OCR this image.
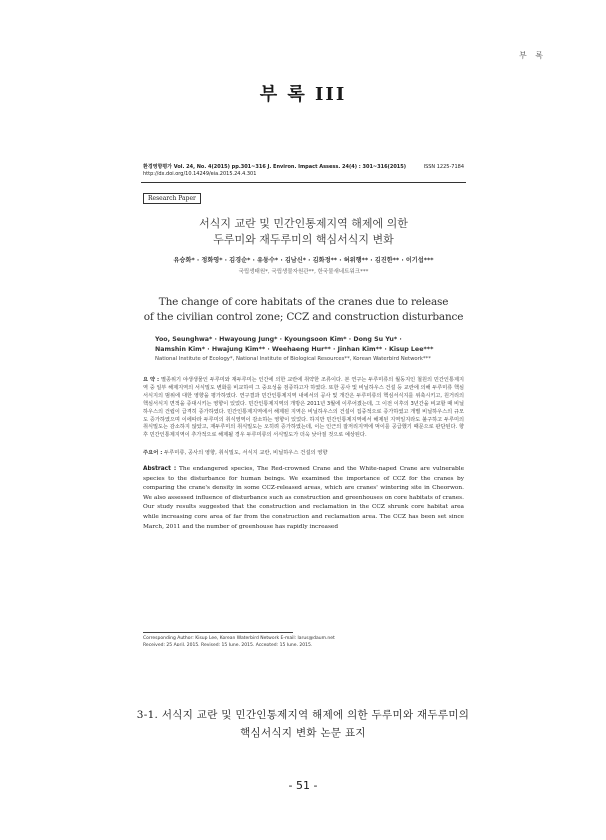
부 록
부 록 III
환경영향평가 Vol. 24, No. 4(2015) pp.301~316 J. Environ. Impact Assess. 24(4) : 301~316(2015)
http://dx.doi.org/10.14249/eia.2015.24.4.301
ISSN 1225-7184
Research Paper
서식지 교란 및 민간인통제지역 해제에 의한
두루미와 재두루미의 핵심서식지 변화
유승화* · 정화영* · 김경순* · 유동수* · 김남신* · 김화정** · 허위행** · 김진한** · 이기섭***
국립생태원*, 국립생물자원관**, 한국물새네트워크***
The change of core habitats of the cranes due to release
of the civilian control zone; CCZ and construction disturbance
Yoo, Seunghwa* · Hwayoung Jung* · Kyoungsoon Kim* · Dong Su Yu* ·
Namshin Kim* · Hwajung Kim** · Weehaeng Hur** · Jinhan Kim** · Kisup Lee***
National Institute of Ecology*, National Institute of Biological Resources**, Korean Waterbird Network***
요 약 : 멸종위기 야생생물인 두루미와 재두루미는 인간에 의한 교란에 취약한 조류이다. 본 연구는 두루미류의 월동지인 철원의 민간인통제지역 중 일부 해제지역의 서식밀도 변화를 비교하여 그 중요성을 검증하고자 하였다. 또한 공사 및 비닐하우스 건설 등 교란에 의해 두루미류 핵심서식지의 범위에 대한 영향을 평가하였다. 연구결과 민간인통제지역 내에서의 공사 및 개간은 두루미류의 핵심서식지를 위축시키고, 원거리의 핵심서식지 면적을 증대시키는 영향이 있었다. 민간인통제지역의 개방은 2011년 3월에 이루어졌는데, 그 이전 이후의 3년간을 비교할 때 비닐하우스의 건립이 급격히 증가하였다. 민간인통제지역에서 해제된 지역은 비닐하우스의 건설이 집중적으로 증가하였고 개별 비닐하우스의 규모도 증가하였으며 이에따라 두루미의 취식영역이 감소하는 영향이 있었다. 하지만 민간인통제지역에서 해제된 지역일지라도 불구하고 두루미의 취식밀도는 감소하지 않았고, 재두루미의 취식밀도는 오히려 증가하였는데, 이는 인근의 잘저리지역에 먹이를 공급했기 때문으로 판단된다. 향후 민간인통제지역이 추가적으로 해제될 경우 두루미류의 서식밀도가 더욱 낮아질 것으로 예상된다.
주요어 : 두루미류, 공사의 영향, 취식밀도, 서식지 교란, 비닐하우스 건설의 영향
Abstract : The endangered species, The Red-crowned Crane and the White-naped Crane are vulnerable species to the disturbance for human beings. We examined the importance of CCZ for the cranes by comparing the crane's density in some CCZ-released areas, which are cranes' wintering site in Cheorwon. We also assessed influence of disturbance such as construction and greenhouses on core habitats of cranes. Our study results suggested that the construction and reclamation in the CCZ shrunk core habitat area while increasing core area of far from the construction and reclamation area. The CCZ has been set since March, 2011 and the number of greenhouse has rapidly increased
Corresponding Author: Kisup Lee, Korean Waterbird Network E-mail: larus@daum.net
Received: 25 April, 2015. Revised: 15 June, 2015. Accepted: 15 June, 2015.
3-1. 서식지 교란 및 민간인통제지역 해제에 의한 두루미와 재두루미의
핵심서식지 변화 논문 표지
- 51 -
